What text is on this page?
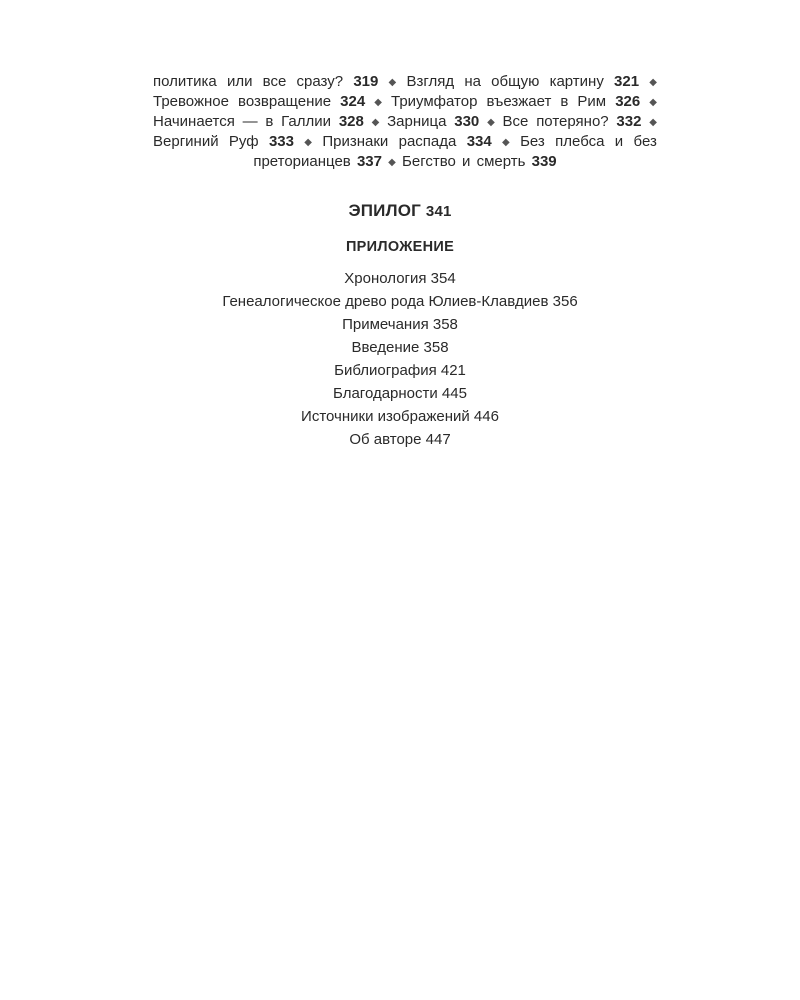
политика или все сразу? 319 ◆ Взгляд на общую картину 321 ◆
Тревожное возвращение 324 ◆ Триумфатор въезжает в Рим 326 ◆
Начинается — в Галлии 328 ◆ Зарница 330 ◆ Все потеряно? 332 ◆
Вергиний Руф 333 ◆ Признаки распада 334 ◆ Без плебса и без
преторианцев
337
◆
Бегство
и
смерть
339
ЭПИЛОГ 341
ПРИЛОЖЕНИЕ
Хронология 354
Генеалогическое древо рода Юлиев-Клавдиев 356
Примечания 358
Введение 358
Библиография 421
Благодарности 445
Источники изображений 446
Об авторе 447
